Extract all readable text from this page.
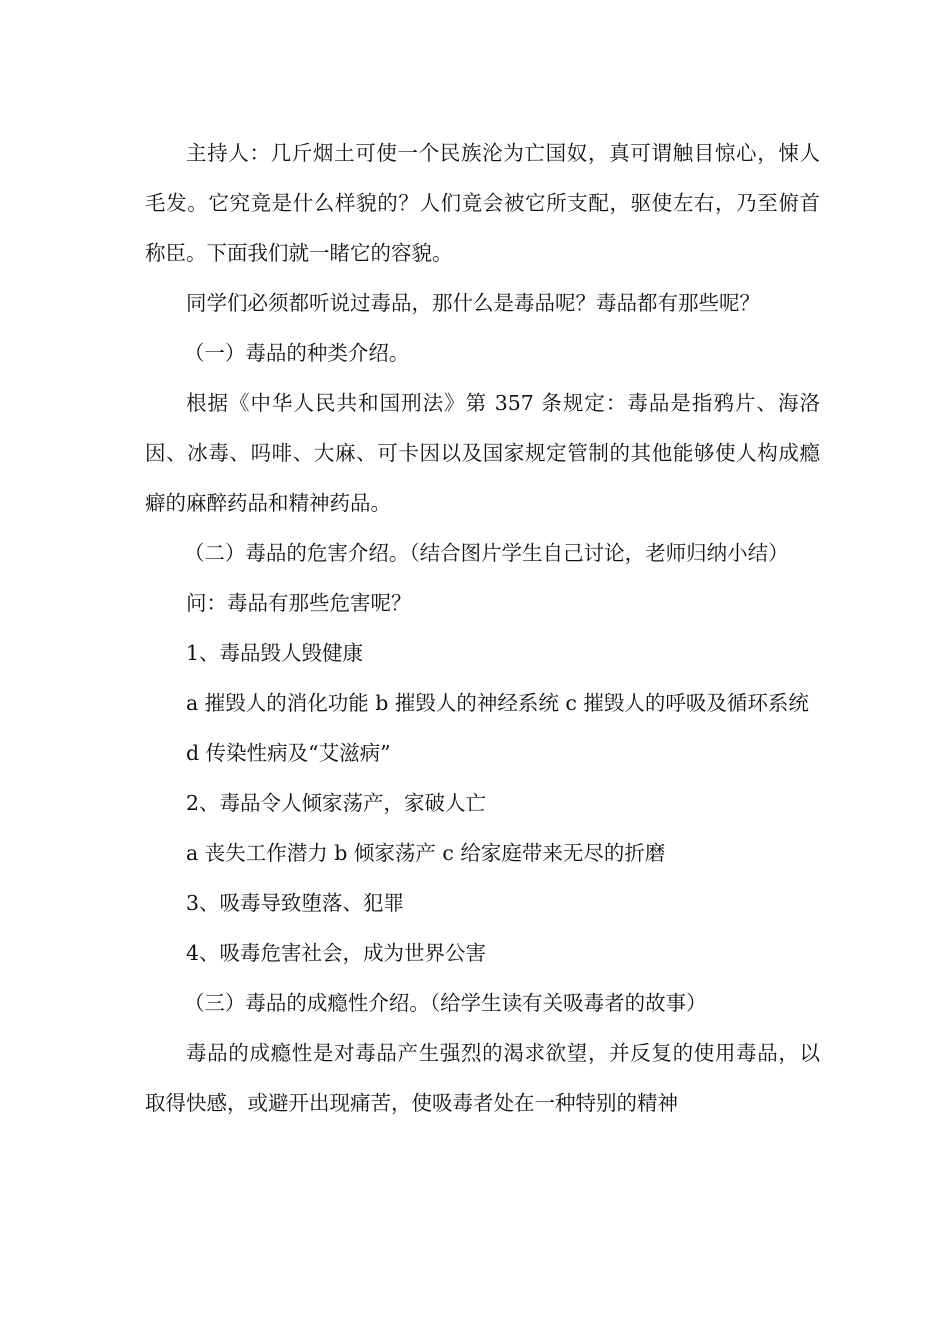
主持人：几斤烟土可使一个民族沦为亡国奴，真可谓触目惊心，悚人毛发。它究竟是什么样貌的？人们竟会被它所支配，驱使左右，乃至俯首称臣。下面我们就一睹它的容貌。

同学们必须都听说过毒品，那什么是毒品呢？毒品都有那些呢？

（一）毒品的种类介绍。

根据《中华人民共和国刑法》第 357 条规定：毒品是指鸦片、海洛因、冰毒、吗啡、大麻、可卡因以及国家规定管制的其他能够使人构成瘾癖的麻醉药品和精神药品。

（二）毒品的危害介绍。（结合图片学生自己讨论，老师归纳小结）

问：毒品有那些危害呢？

1、毒品毁人毁健康

a 摧毁人的消化功能 b 摧毁人的神经系统 c 摧毁人的呼吸及循环系统

d 传染性病及“艾滋病”

2、毒品令人倾家荡产，家破人亡

a 丧失工作潜力 b 倾家荡产 c 给家庭带来无尽的折磨

3、吸毒导致堕落、犯罪

4、吸毒危害社会，成为世界公害

（三）毒品的成瘾性介绍。（给学生读有关吸毒者的故事）

毒品的成瘾性是对毒品产生强烈的渴求欲望，并反复的使用毒品，以取得快感，或避开出现痛苦，使吸毒者处在一种特别的精神
